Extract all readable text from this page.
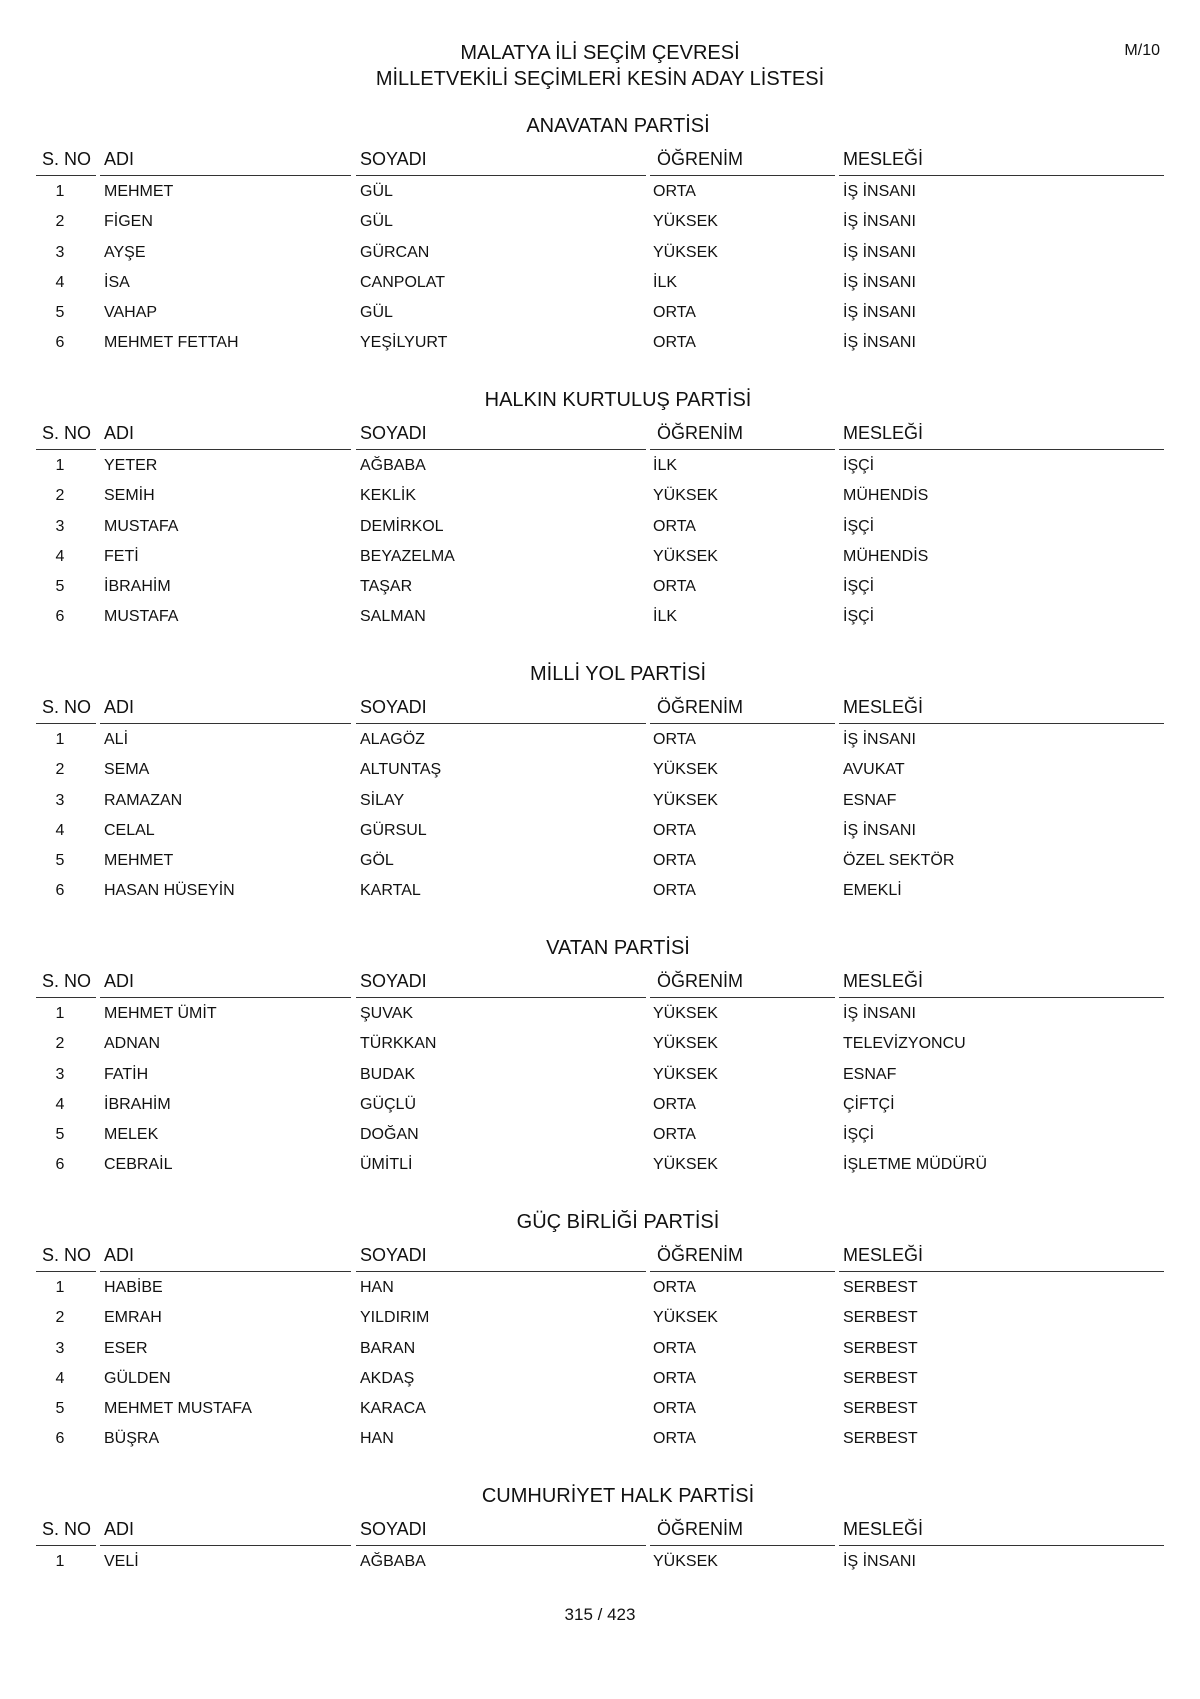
M/10
MALATYA İLİ SEÇİM ÇEVRESİ
MİLLETVEKİLİ SEÇİMLERİ KESİN ADAY LİSTESİ
ANAVATAN PARTİSİ
S. NO ADI	SOYADI	ÖĞRENİM	MESLEĞİ
1	MEHMET	GÜL	ORTA	İŞ İNSANI
2	FİGEN	GÜL	YÜKSEK	İŞ İNSANI
3	AYŞE	GÜRCAN	YÜKSEK	İŞ İNSANI
4	İSA	CANPOLAT	İLK	İŞ İNSANI
5	VAHAP	GÜL	ORTA	İŞ İNSANI
6	MEHMET FETTAH	YEŞİLYURT	ORTA	İŞ İNSANI
HALKIN KURTULUŞ PARTİSİ
S. NO ADI	SOYADI	ÖĞRENİM	MESLEĞİ
1	YETER	AĞBABA	İLK	İŞÇİ
2	SEMİH	KEKLİK	YÜKSEK	MÜHENDİS
3	MUSTAFA	DEMİRKOL	ORTA	İŞÇİ
4	FETİ	BEYAZELMA	YÜKSEK	MÜHENDİS
5	İBRAHİM	TAŞAR	ORTA	İŞÇİ
6	MUSTAFA	SALMAN	İLK	İŞÇİ
MİLLİ YOL PARTİSİ
S. NO ADI	SOYADI	ÖĞRENİM	MESLEĞİ
1	ALİ	ALAGÖZ	ORTA	İŞ İNSANI
2	SEMA	ALTUNTAŞ	YÜKSEK	AVUKAT
3	RAMAZAN	SİLAY	YÜKSEK	ESNAF
4	CELAL	GÜRSUL	ORTA	İŞ İNSANI
5	MEHMET	GÖL	ORTA	ÖZEL SEKTÖR
6	HASAN HÜSEYİN	KARTAL	ORTA	EMEKLİ
VATAN PARTİSİ
S. NO ADI	SOYADI	ÖĞRENİM	MESLEĞİ
1	MEHMET ÜMİT	ŞUVAK	YÜKSEK	İŞ İNSANI
2	ADNAN	TÜRKKAN	YÜKSEK	TELEVİZYONCU
3	FATİH	BUDAK	YÜKSEK	ESNAF
4	İBRAHİM	GÜÇLÜ	ORTA	ÇİFTÇİ
5	MELEK	DOĞAN	ORTA	İŞÇİ
6	CEBRAİL	ÜMİTLİ	YÜKSEK	İŞLETME MÜDÜRÜ
GÜÇ BİRLİĞİ PARTİSİ
S. NO ADI	SOYADI	ÖĞRENİM	MESLEĞİ
1	HABİBE	HAN	ORTA	SERBEST
2	EMRAH	YILDIRIM	YÜKSEK	SERBEST
3	ESER	BARAN	ORTA	SERBEST
4	GÜLDEN	AKDAŞ	ORTA	SERBEST
5	MEHMET MUSTAFA	KARACA	ORTA	SERBEST
6	BÜŞRA	HAN	ORTA	SERBEST
CUMHURİYET HALK PARTİSİ
S. NO ADI	SOYADI	ÖĞRENİM	MESLEĞİ
1	VELİ	AĞBABA	YÜKSEK	İŞ İNSANI
315 / 423
